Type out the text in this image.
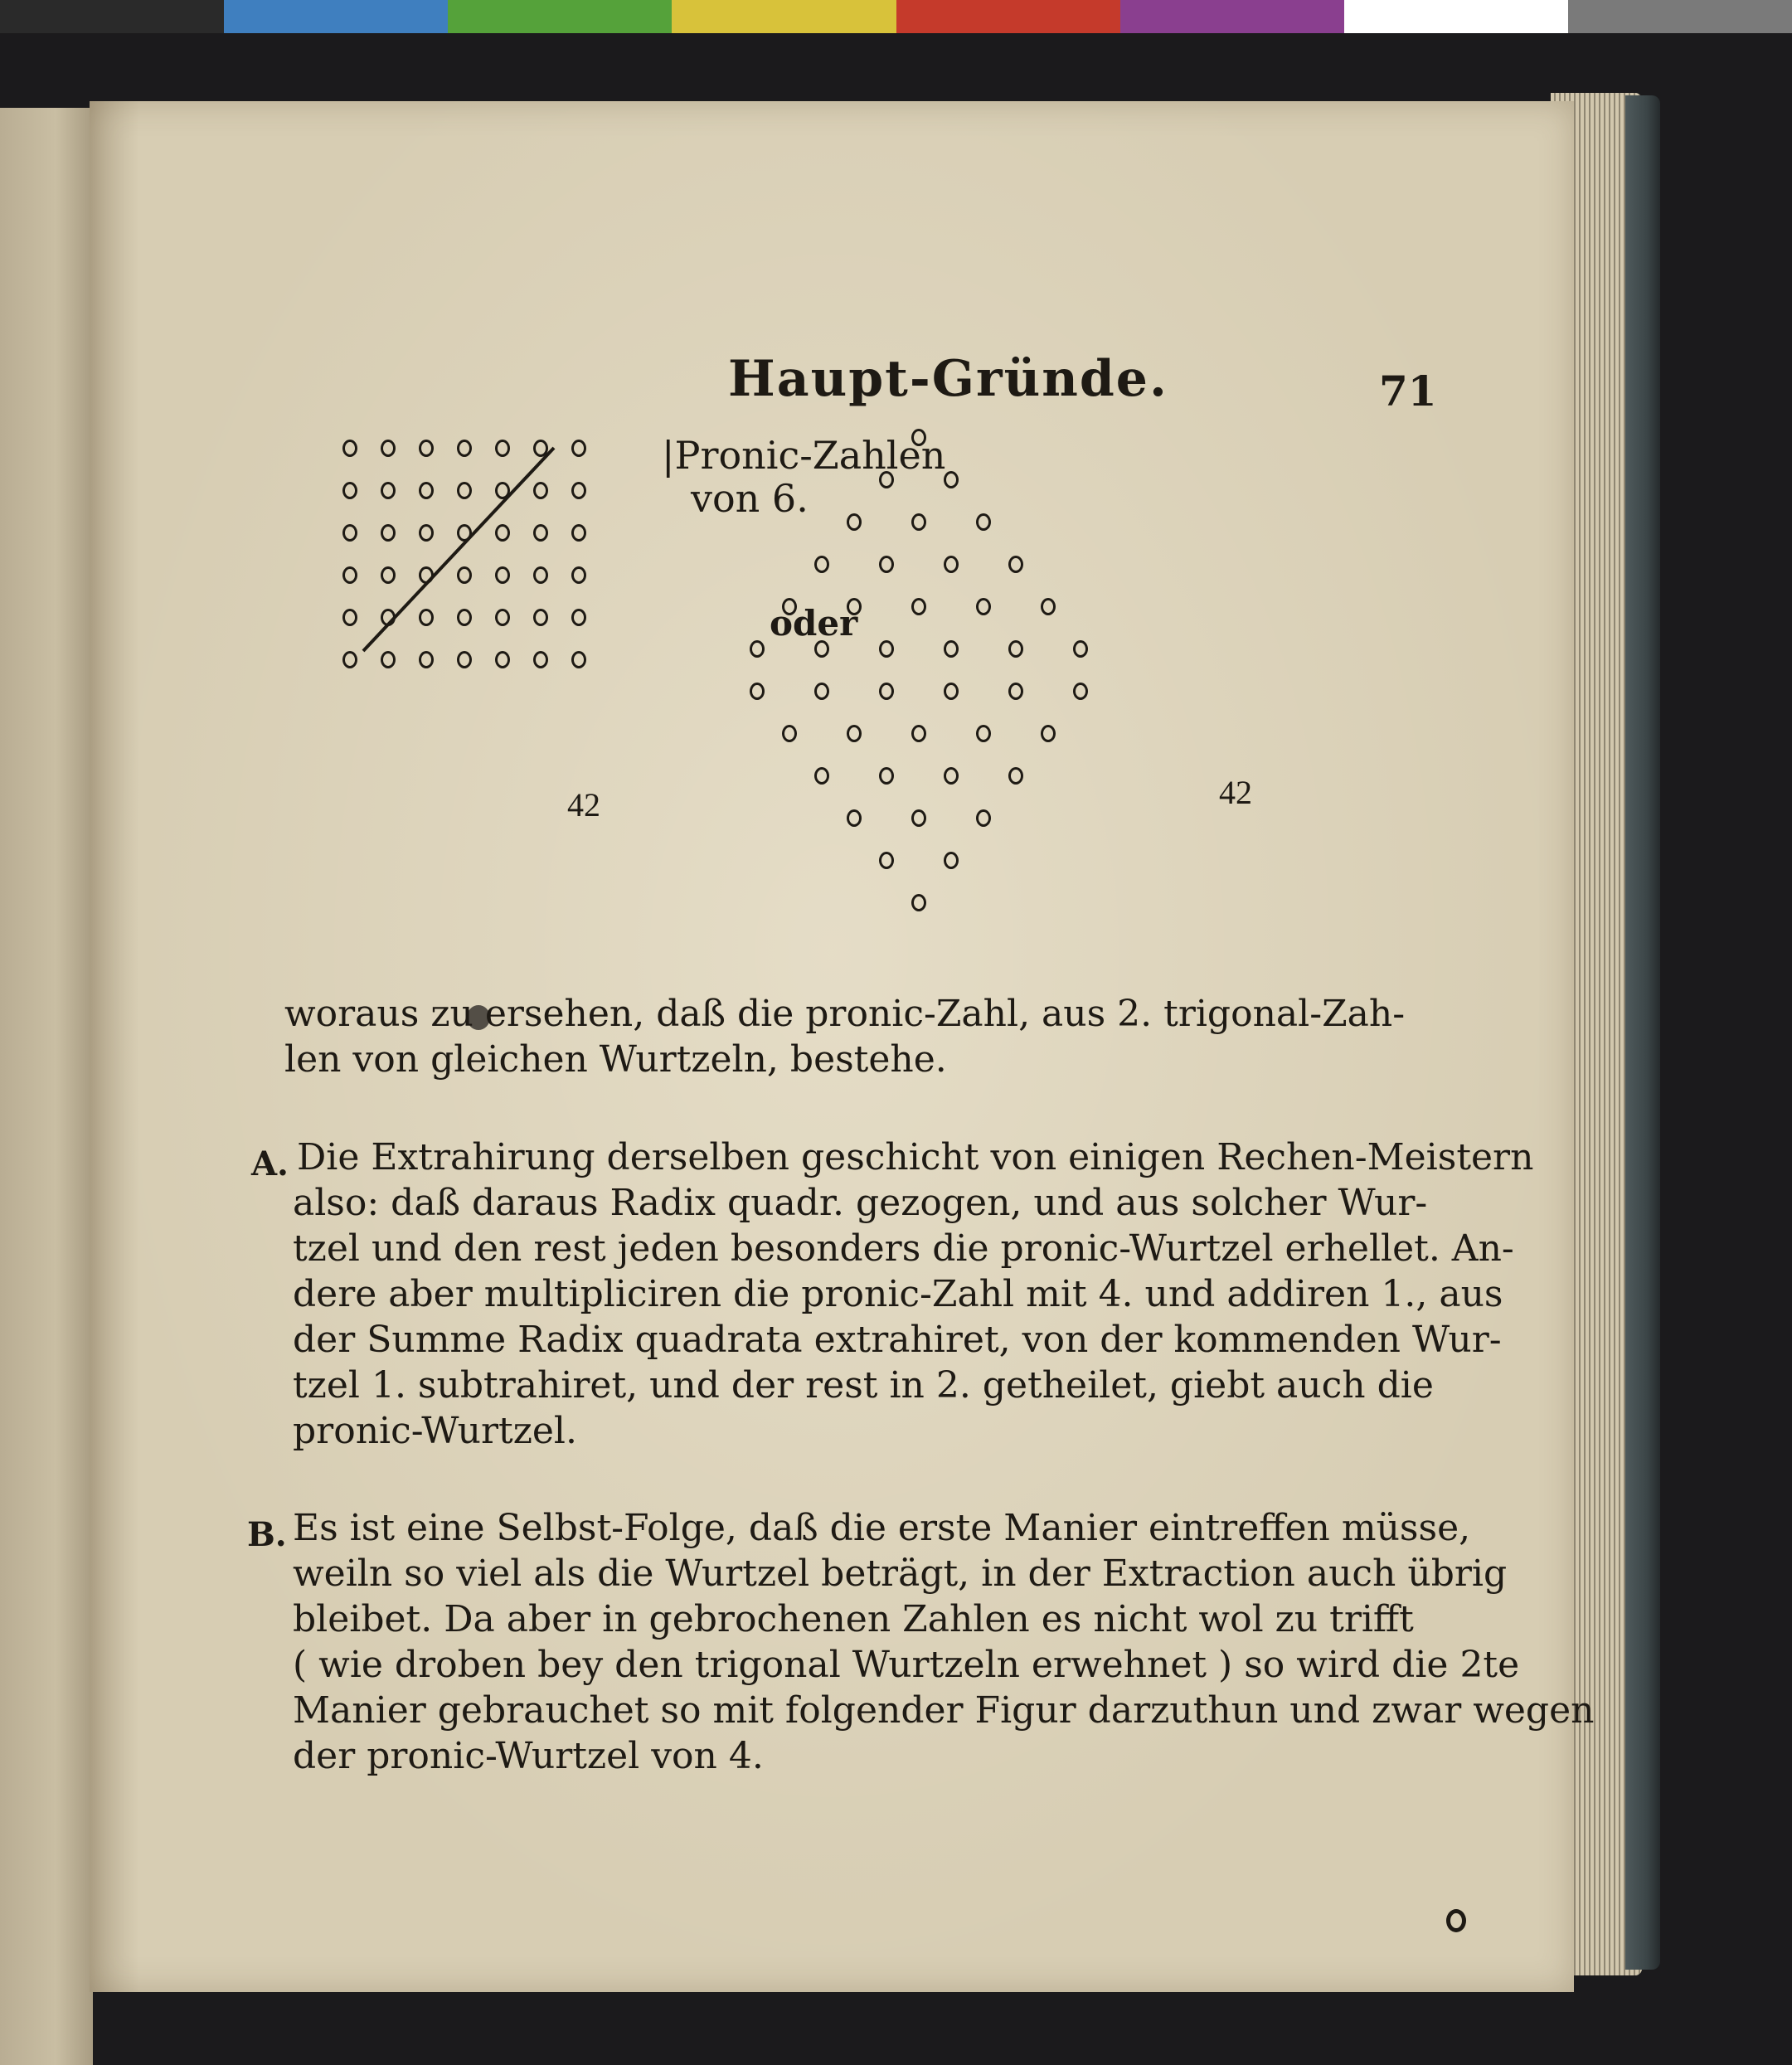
Haupt-Gründe.	71
|Pronic-Zahlen
von 6.
42
oder
42
woraus zu ersehen, daß die pronic-Zahl, aus 2. trigonal-Zah-
len von gleichen Wurtzeln, bestehe.
A. Die Extrahirung derselben geschicht von einigen Rechen-Meistern
also: daß daraus Radix quadr. gezogen, und aus solcher Wur-
tzel und den rest jeden besonders die pronic-Wurtzel erhellet. An-
dere aber multipliciren die pronic-Zahl mit 4. und addiren 1., aus
der Summe Radix quadrata extrahiret, von der kommenden Wur-
tzel 1. subtrahiret, und der rest in 2. getheilet, giebt auch die
pronic-Wurtzel.
B. Es ist eine Selbst-Folge, daß die erste Manier eintreffen müsse,
weiln so viel als die Wurtzel beträgt, in der Extraction auch übrig
bleibet. Da aber in gebrochenen Zahlen es nicht wol zu trifft
( wie droben bey den trigonal Wurtzeln erwehnet ) so wird die 2te
Manier gebrauchet so mit folgender Figur darzuthun und zwar wegen
der pronic-Wurtzel von 4.
